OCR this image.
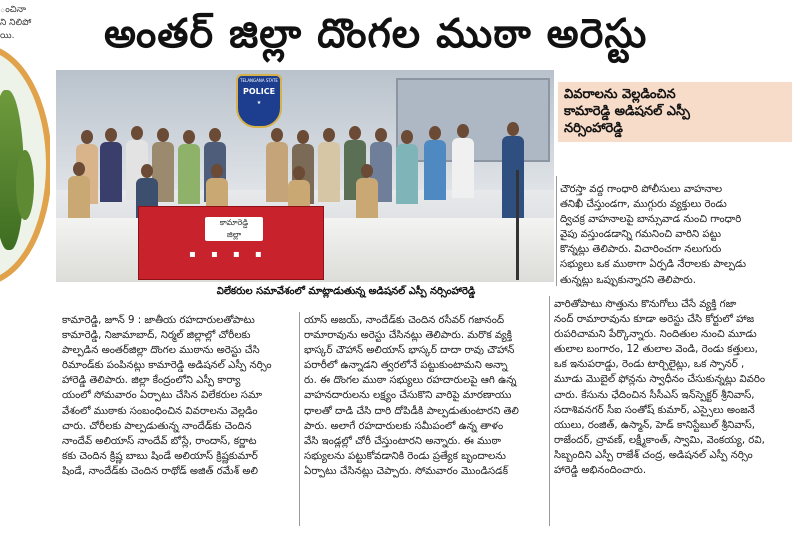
ంచినా
ని నిలిపో
యి.	అంతర్ జిల్లా దొంగల ముఠా అరెస్టు
TELANGANA STATE
POLICE
★
కామారెడ్డి
జిల్లా
▪ ▪ ▪ ▪
విలేకరుల సమావేశంలో మాట్లాడుతున్న అడిషనల్ ఎస్పీ నర్సింహారెడ్డి
వివరాలను వెల్లడించిన
కామారెడ్డి అడిషనల్ ఎస్పీ
నర్సింహారెడ్డి
చౌరస్తా వద్ద గాంధారి పోలీసులు వాహనాల
తనిఖీ చేస్తుండగా, ముగ్గురు వ్యక్తులు రెండు
ద్విచక్ర వాహనాలపై బాన్సువాడ నుంచి గాంధారి
వైపు వస్తుండడాన్ని గమనించి వారిని పట్టు
కొన్నట్లు తెలిపారు. విచారించగా నలుగురు
సభ్యులు ఒక ముఠాగా ఏర్పడి నేరాలకు పాల్పడు
తున్నట్లు ఒప్పుకున్నారని తెలిపారు.
కామారెడ్డి, జూన్ 9 : జాతీయ రహదారులతోపాటు
కామారెడ్డి, నిజామాబాద్, నిర్మల్ జిల్లాల్లో చోరీలకు
పాల్పడిన అంతర్‌జిల్లా దొంగల ముఠాను అరెస్టు చేసి
రిమాండ్‌కు పంపినట్లు కామారెడ్డి అడిషనల్ ఎస్పీ నర్సిం
హారెడ్డి తెలిపారు. జిల్లా కేంద్రంలోని ఎస్పీ కార్యా
యంలో సోమవారం ఏర్పాటు చేసిన విలేకరుల సమా
వేశంలో ముఠాకు సంబంధించిన వివరాలను వెల్లడిం
చారు. చోరీలకు పాల్పడుతున్న నాందేడ్‌కు చెందిన
నాందేవ్ అలియాస్ నాందేవ్ బోస్లే, రాందాస్, కర్ణాట
కకు చెందిన క్రిష్ణ బాబు షిండే అలియాస్ క్రిష్ణకుమార్
షిండే, నాందేడ్‌కు చెందిన రాథోడ్ అజిత్ రమేశ్ అలి
యాస్ అజయ్, నాందేడ్‌కు చెందిన రసీవర్ గజానంద్
రామారావును అరెస్టు చేసినట్లు తెలిపారు. మరొక వ్యక్తి
భాస్కర్ చౌహాన్ అలియాస్ భాస్కర్ దాదా రావు చౌహాన్
పరారీలో ఉన్నాడని త్వరలోనే పట్టుకుంటామని అన్నా
రు. ఈ దొంగల ముఠా సభ్యులు రహదారులపై ఆగి ఉన్న
వాహనదారులను లక్ష్యం చేసుకొని వారిపై మారణాయు
ధాలతో దాడి చేసి దారి దోపిడీకి పాల్పడుతుంటారని తెలి
పారు. అలాగే రహదారులకు సమీపంలో ఉన్న తాళం
వేసి ఇండ్లల్లో చోరీ చేస్తుంటారని అన్నారు. ఈ ముఠా
సభ్యులను పట్టుకోవడానికి రెండు ప్రత్యేక బృందాలను
ఏర్పాటు చేసినట్లు చెప్పారు. సోమవారం మొండిసడక్
వారితోపాటు సొత్తును కొనుగోలు చేసే వ్యక్తి గజా
నంద్ రామారావును కూడా అరెస్టు చేసి కోర్టులో హాజ
రుపరిచామని పేర్కొన్నారు. నిందితుల నుంచి మూడు
తులాల బంగారం, 12 తులాల వెండి, రెండు కత్తులు,
ఒక ఇనుపరాడ్డు, రెండు టార్చిలైట్లు, ఒక స్పానర్ ,
మూడు మొబైల్ ఫోన్లను స్వాధీనం చేసుకున్నట్లు వివరిం
చారు. కేసును ఛేదించిన సీసీఎస్ ఇన్‌స్పెక్టర్ శ్రీనివాస్,
సదాశివనగర్ సీఐ సంతోష్ కుమార్, ఎస్సైలు అంజనే
యులు, రంజిత్, ఉస్మాన్, హెడ్ కానిస్టేబుల్ శ్రీనివాస్,
రాజేందర్, చ్రావణ్, లక్ష్మీకాంత్, స్వామి, వెంకయ్య, రవి,
సిబ్బందిని ఎస్పీ రాజేశ్ చంద్ర, అడిషనల్ ఎస్పీ నర్సిం
హారెడ్డి అభినందించారు.
